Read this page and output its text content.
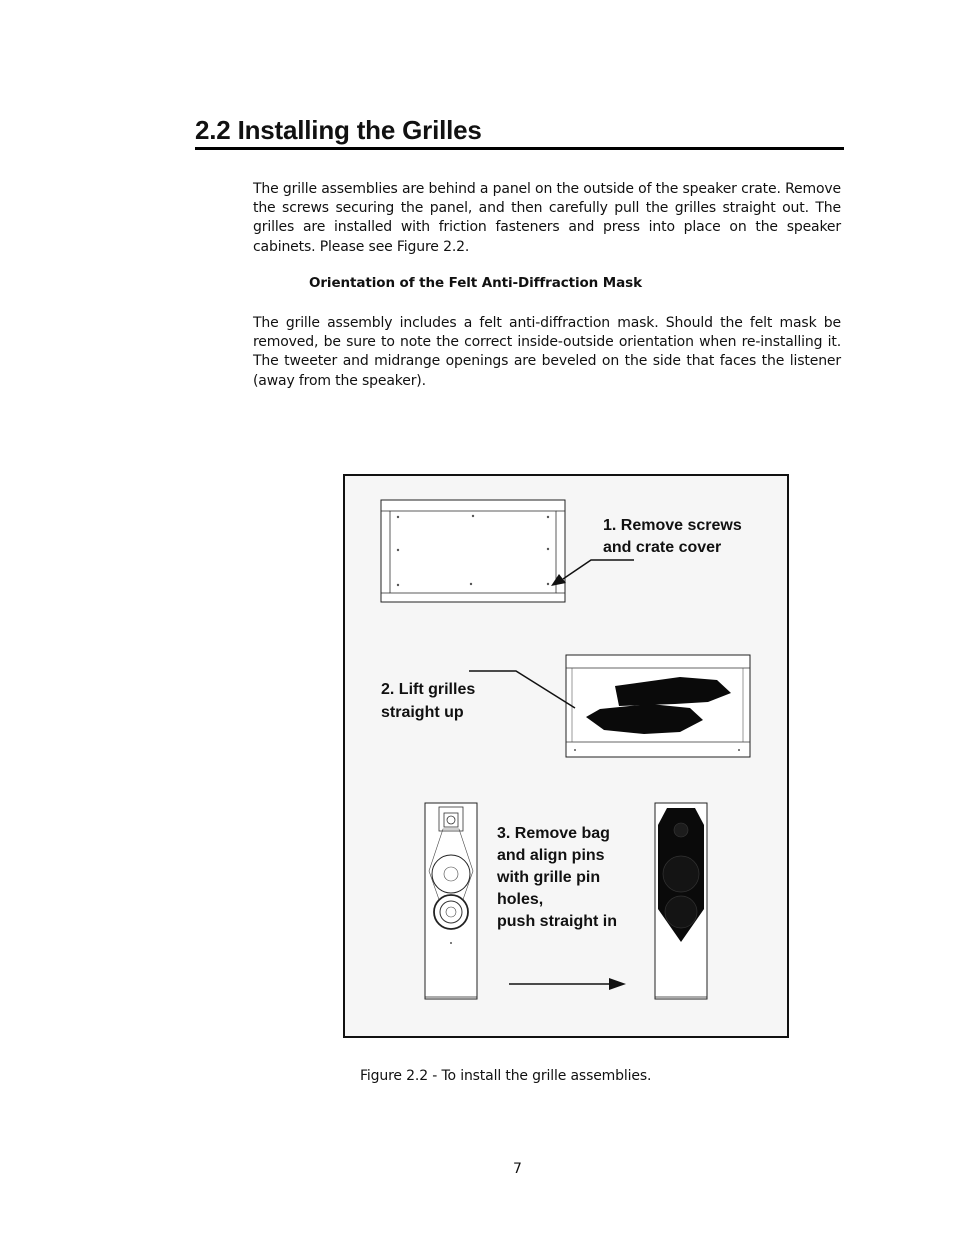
2.2 Installing the Grilles

The grille assemblies are behind a panel on the outside of the speaker crate. Remove the screws securing the panel, and then carefully pull the grilles straight out. The grilles are installed with friction fasteners and press into place on the speaker cabinets. Please see Figure 2.2.

Orientation of the Felt Anti-Diffraction Mask

The grille assembly includes a felt anti-diffraction mask. Should the felt mask be removed, be sure to note the correct inside-outside orientation when re-installing it. The tweeter and midrange openings are beveled on the side that faces the listener (away from the speaker).

1. Remove screws
and crate cover
2. Lift grilles
straight up
3. Remove bag
and align pins
with grille pin
holes,
push straight in

Figure 2.2 - To install the grille assemblies.

7
